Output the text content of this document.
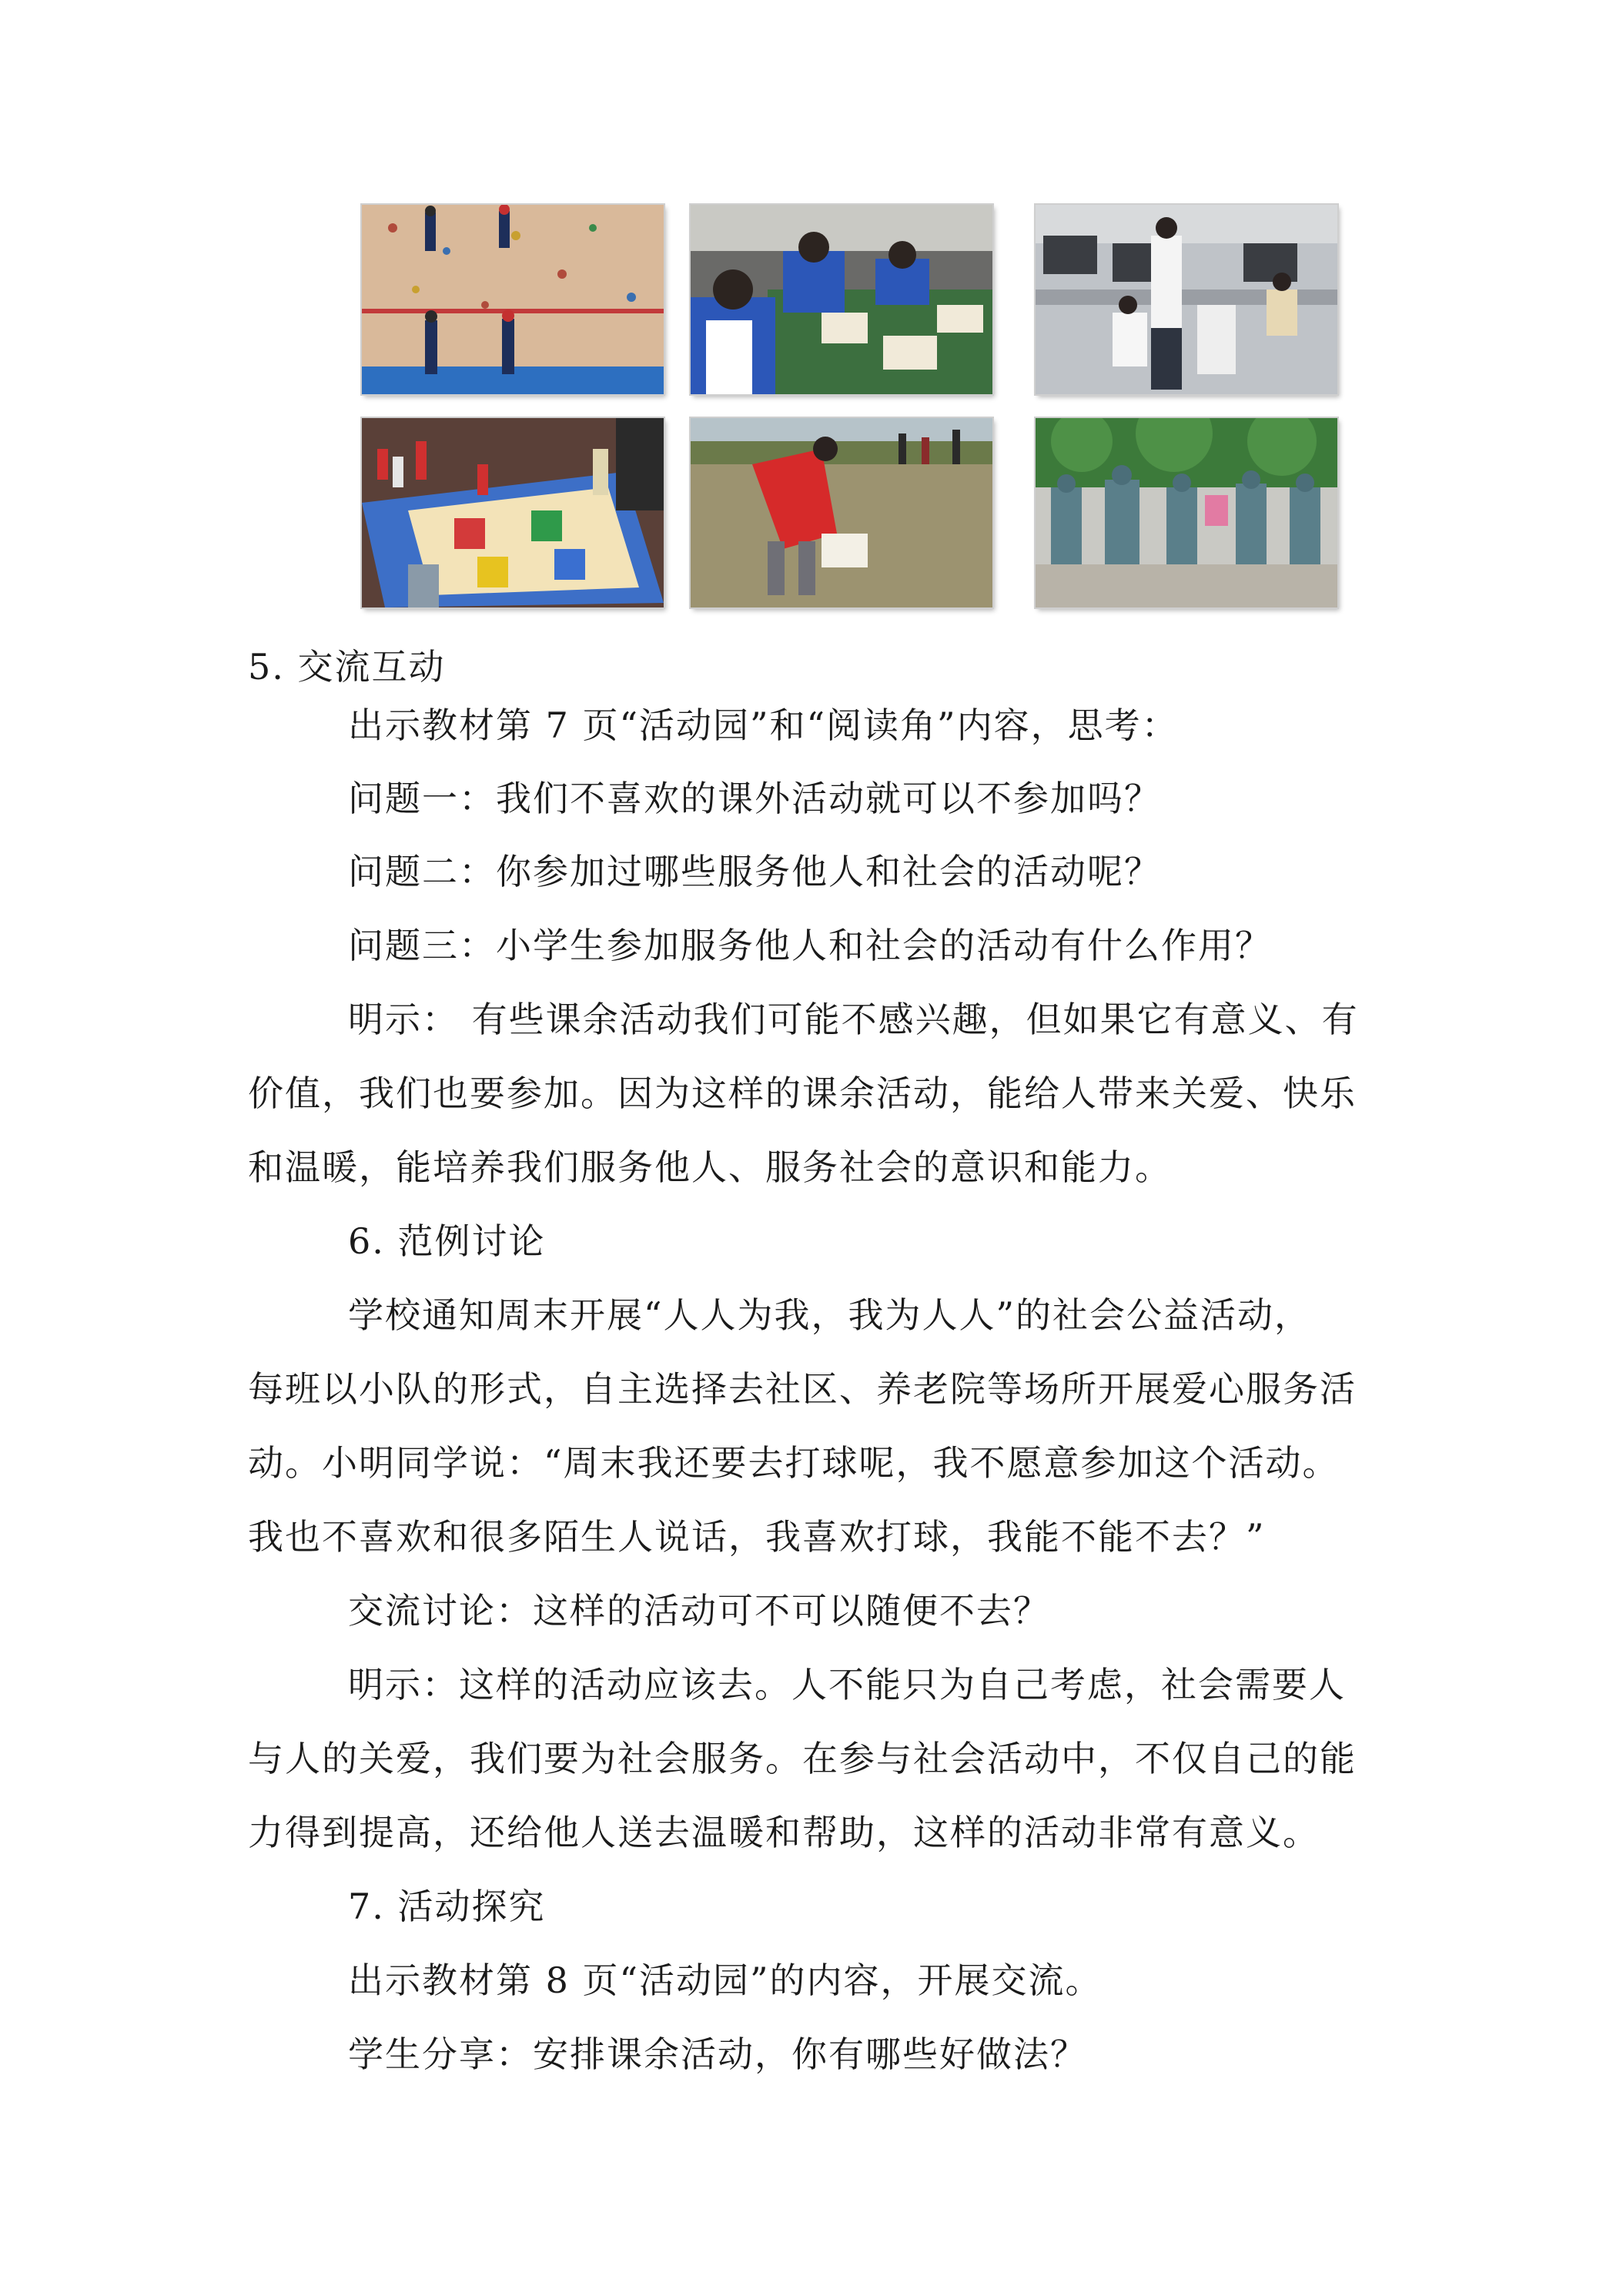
5. 交流互动
出示教材第 7 页“活动园”和“阅读角”内容，思考：
问题一：我们不喜欢的课外活动就可以不参加吗？
问题二：你参加过哪些服务他人和社会的活动呢？
问题三：小学生参加服务他人和社会的活动有什么作用？
明示： 有些课余活动我们可能不感兴趣，但如果它有意义、有
价值，我们也要参加。因为这样的课余活动，能给人带来关爱、快乐
和温暖，能培养我们服务他人、服务社会的意识和能力。
6. 范例讨论
学校通知周末开展“人人为我，我为人人”的社会公益活动，
每班以小队的形式，自主选择去社区、养老院等场所开展爱心服务活
动。小明同学说：“周末我还要去打球呢，我不愿意参加这个活动。
我也不喜欢和很多陌生人说话，我喜欢打球，我能不能不去？”
交流讨论：这样的活动可不可以随便不去？
明示：这样的活动应该去。人不能只为自己考虑，社会需要人
与人的关爱，我们要为社会服务。在参与社会活动中，不仅自己的能
力得到提高，还给他人送去温暖和帮助，这样的活动非常有意义。
7. 活动探究
出示教材第 8 页“活动园”的内容，开展交流。
学生分享：安排课余活动，你有哪些好做法？
